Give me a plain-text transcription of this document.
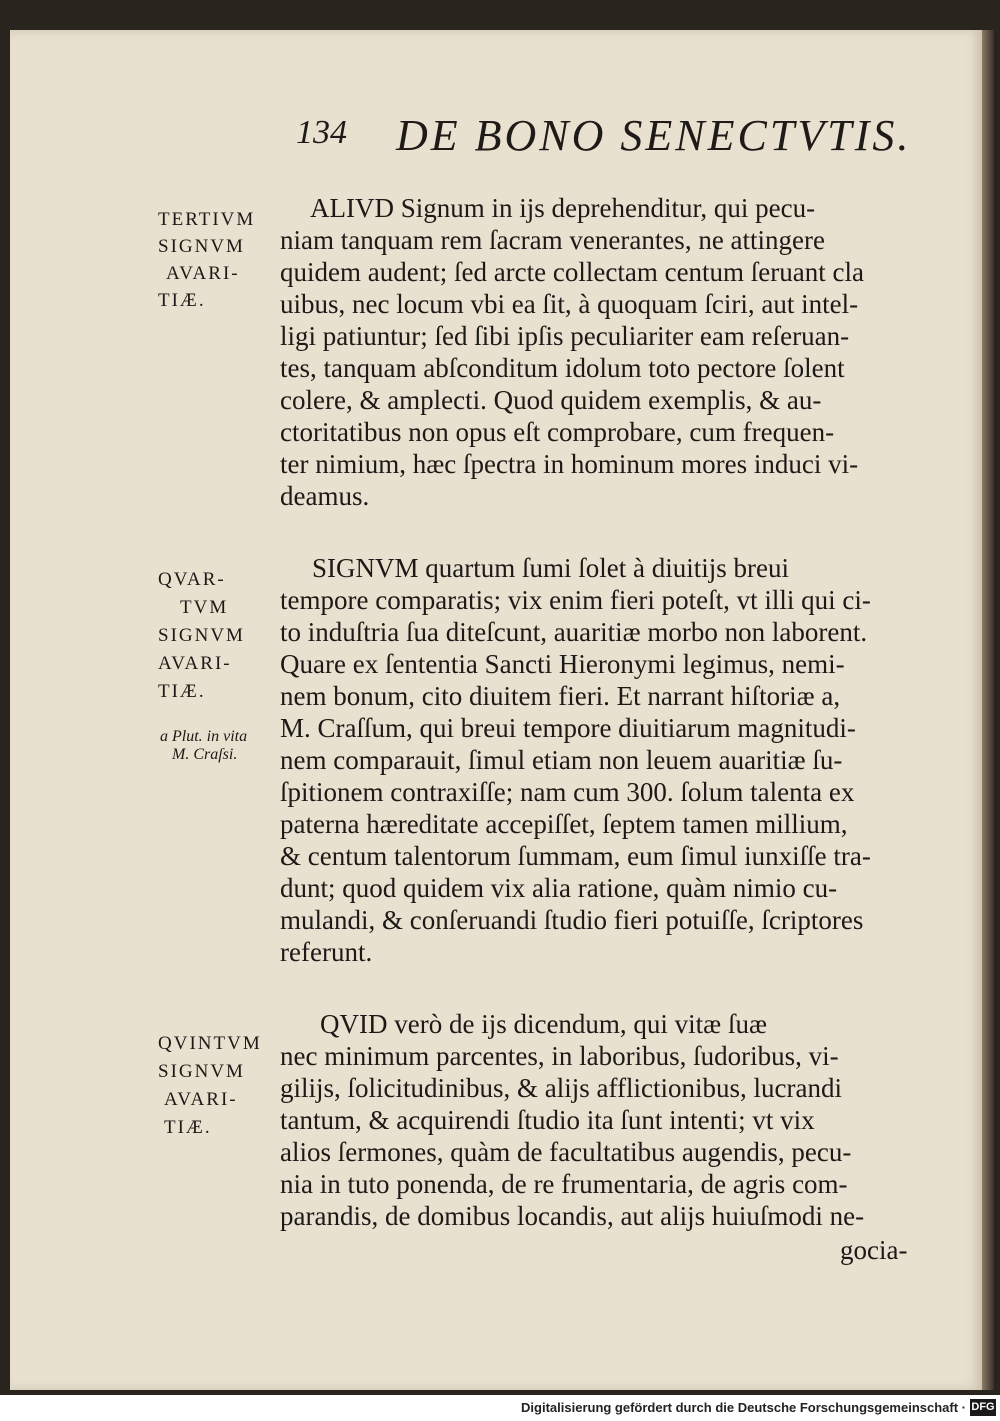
134 DE BONO SENECTVTIS.
TERTIVM
SIGNVM
AVARI-
TIÆ.
ALIVD Signum in ijs deprehenditur, qui pecu-
niam tanquam rem ſacram venerantes, ne attingere
quidem audent; ſed arcte collectam centum ſeruant cla
uibus, nec locum vbi ea ſit, à quoquam ſciri, aut intel-
ligi patiuntur; ſed ſibi ipſis peculiariter eam reſeruan-
tes, tanquam abſconditum idolum toto pectore ſolent
colere, & amplecti. Quod quidem exemplis, & au-
ctoritatibus non opus eſt comprobare, cum frequen-
ter nimium, hæc ſpectra in hominum mores induci vi-
deamus.
QVAR-
TVM
SIGNVM
AVARI-
TIÆ.
a Plut. in vita
M. Craſsi.
SIGNVM quartum ſumi ſolet à diuitijs breui
tempore comparatis; vix enim fieri poteſt, vt illi qui ci-
to induſtria ſua diteſcunt, auaritiæ morbo non laborent.
Quare ex ſententia Sancti Hieronymi legimus, nemi-
nem bonum, cito diuitem fieri. Et narrant hiſtoriæ a,
M. Craſſum, qui breui tempore diuitiarum magnitudi-
nem comparauit, ſimul etiam non leuem auaritiæ ſu-
ſpitionem contraxiſſe; nam cum 300. ſolum talenta ex
paterna hæreditate accepiſſet, ſeptem tamen millium,
& centum talentorum ſummam, eum ſimul iunxiſſe tra-
dunt; quod quidem vix alia ratione, quàm nimio cu-
mulandi, & conſeruandi ſtudio fieri potuiſſe, ſcriptores
referunt.
QVINTVM
SIGNVM
AVARI-
TIÆ.
QVID verò de ijs dicendum, qui vitæ ſuæ
nec minimum parcentes, in laboribus, ſudoribus, vi-
gilijs, ſolicitudinibus, & alijs afflictionibus, lucrandi
tantum, & acquirendi ſtudio ita ſunt intenti; vt vix
alios ſermones, quàm de facultatibus augendis, pecu-
nia in tuto ponenda, de re frumentaria, de agris com-
parandis, de domibus locandis, aut alijs huiuſmodi ne-
gocia-
Digitalisierung gefördert durch die Deutsche Forschungsgemeinschaft · DFG
